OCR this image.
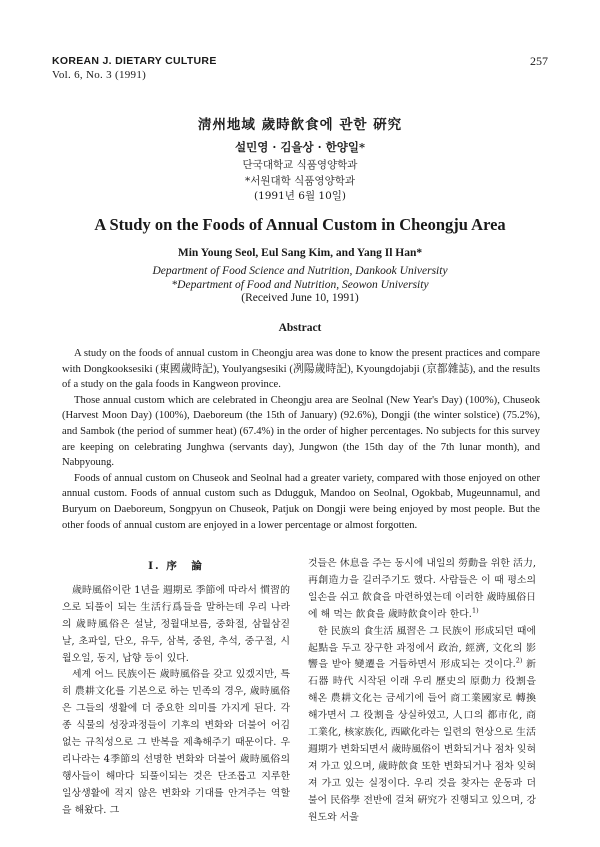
KOREAN J. DIETARY CULTURE
Vol. 6, No. 3 (1991)
257
淸州地域 歲時飮食에 관한 硏究
설민영 · 김을상 · 한양일*
단국대학교 식품영양학과
*서원대학 식품영양학과
(1991년 6월 10일)
A Study on the Foods of Annual Custom in Cheongju Area
Min Young Seol, Eul Sang Kim, and Yang Il Han*
Department of Food Science and Nutrition, Dankook University
*Department of Food and Nutrition, Seowon University
(Received June 10, 1991)
Abstract

A study on the foods of annual custom in Cheongju area was done to know the present practices and compare with Dongkooksesiki (東國歲時記), Youlyangsesiki (冽陽歲時記), Kyoungdojabji (京都雜誌), and the results of a study on the gala foods in Kangweon province.

Those annual custom which are celebrated in Cheongju area are Seolnal (New Year's Day) (100%), Chuseok (Harvest Moon Day) (100%), Daeboreum (the 15th of January) (92.6%), Dongji (the winter solstice) (75.2%), and Sambok (the period of summer heat) (67.4%) in the order of higher percentages. No subjects for this survey are keeping on celebrating Junghwa (servants day), Jungwon (the 15th day of the 7th lunar month), and Nabpyoung.

Foods of annual custom on Chuseok and Seolnal had a greater variety, compared with those enjoyed on other annual custom. Foods of annual custom such as Ddugguk, Mandoo on Seolnal, Ogokbab, Mugeunnamul, and Buryum on Daeboreum, Songpyun on Chuseok, Patjuk on Dongji were being enjoyed by most people. But the other foods of annual custom are enjoyed in a lower percentage or almost forgotten.

I. 序　論

歲時風俗이란 1년을 週期로 季節에 따라서 慣習的으로 되풀이 되는 生活行爲들을 말하는데 우리 나라의 歲時風俗은 설날, 정월대보름, 중화절, 삼월삼짇날, 초파일, 단오, 유두, 삼복, 중원, 추석, 중구절, 시월오일, 동지, 납향 등이 있다.

세계 어느 民族이든 歲時風俗을 갖고 있겠지만, 특히 農耕文化를 기본으로 하는 민족의 경우, 歲時風俗은 그들의 생활에 더 중요한 의미를 가지게 된다. 각종 식물의 성장과정들이 기후의 변화와 더불어 어김없는 규칙성으로 그 반복을 제촉해주기 때문이다. 우리나라는 4季節의 선명한 변화와 더불어 歲時風俗의 행사들이 해마다 되풀이되는 것은 단조롭고 지루한 일상생활에 적지 않은 변화와 기대를 안겨주는 역할을 해왔다. 그

것들은 休息을 주는 동시에 내일의 勞動을 위한 活力, 再創造力을 길러주기도 했다. 사람들은 이 때 평소의 일손을 쉬고 飮食을 마련하였는데 이러한 歲時風俗日에 해 먹는 飮食을 歲時飮食이라 한다.$^{1)}$

한 民族의 食生活 風習은 그 民族이 形成되던 때에 起點을 두고 장구한 과정에서 政治, 經濟, 文化의 影響을 받아 變遷을 거듭하면서 形成되는 것이다.$^{2)}$ 新石器 時代 시작된 이래 우리 歷史의 原動力 役割을 해온 農耕文化는 금세기에 들어 商工業國家로 轉換해가면서 그 役割을 상실하였고, 人口의 都市化, 商工業化, 核家族化, 西歐化라는 일련의 현상으로 生活週期가 변화되면서 歲時風俗이 변화되거나 점차 잊혀져 가고 있으며, 歲時飮食 또한 변화되거나 점차 잊혀져 가고 있는 실정이다. 우리 것을 찾자는 운동과 더불어 民俗學 전반에 걸쳐 硏究가 진행되고 있으며, 강원도와 서울
